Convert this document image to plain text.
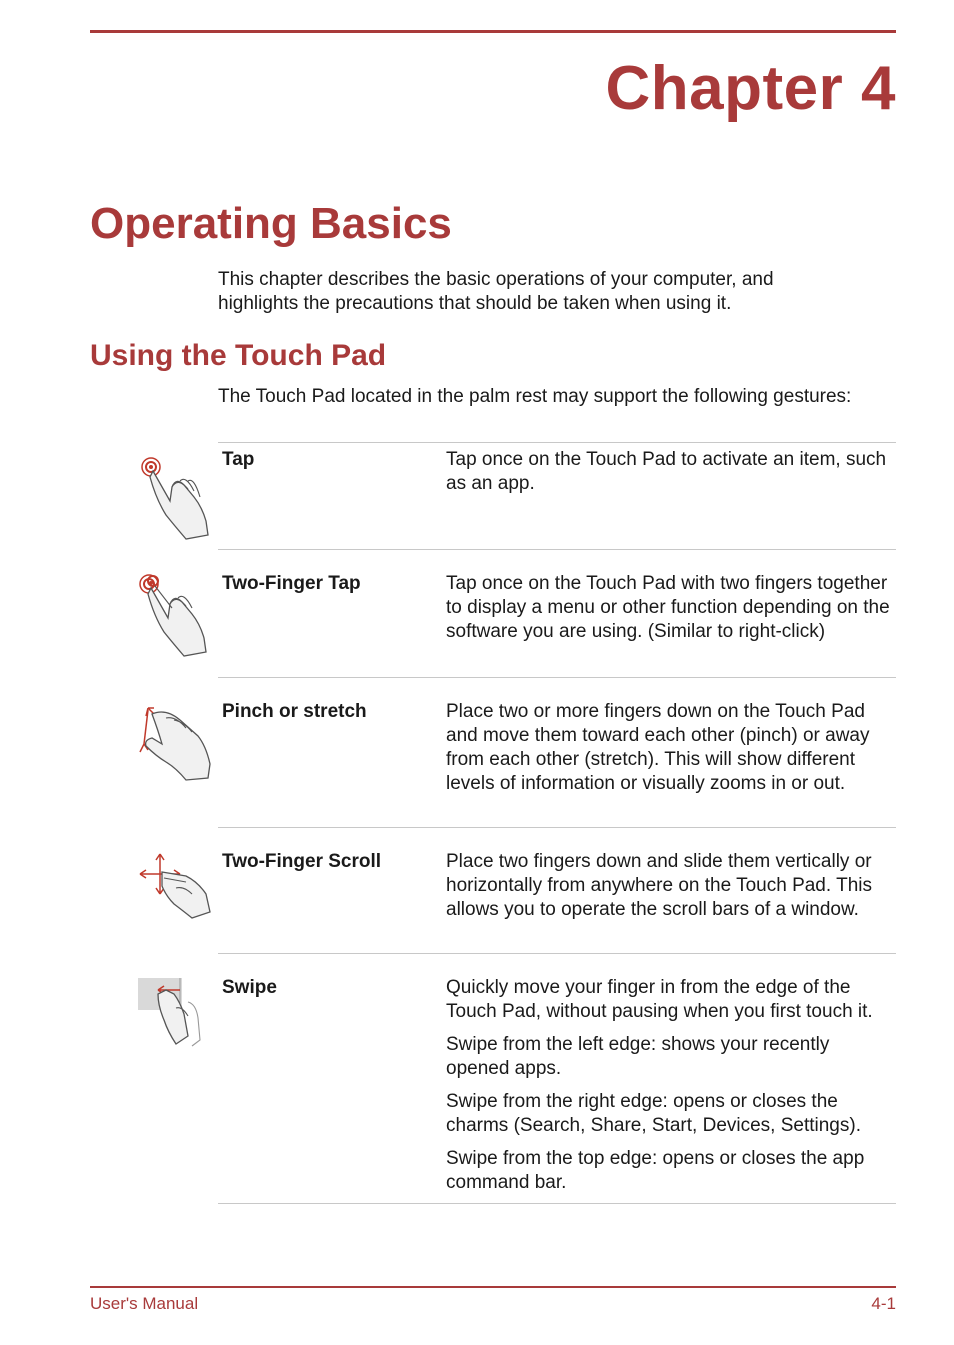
Chapter 4
Operating Basics
This chapter describes the basic operations of your computer, and highlights the precautions that should be taken when using it.
Using the Touch Pad
The Touch Pad located in the palm rest may support the following gestures:
Tap	Tap once on the Touch Pad to activate an item, such as an app.

Two-Finger Tap	Tap once on the Touch Pad with two fingers together to display a menu or other function depending on the software you are using. (Similar to right-click)

Pinch or stretch	Place two or more fingers down on the Touch Pad and move them toward each other (pinch) or away from each other (stretch). This will show different levels of information or visually zooms in or out.

Two-Finger Scroll	Place two fingers down and slide them vertically or horizontally from anywhere on the Touch Pad. This allows you to operate the scroll bars of a window.

Swipe	Quickly move your finger in from the edge of the Touch Pad, without pausing when you first touch it.

Swipe from the left edge: shows your recently opened apps.

Swipe from the right edge: opens or closes the charms (Search, Share, Start, Devices, Settings).

Swipe from the top edge: opens or closes the app command bar.

User's Manual	4-1
